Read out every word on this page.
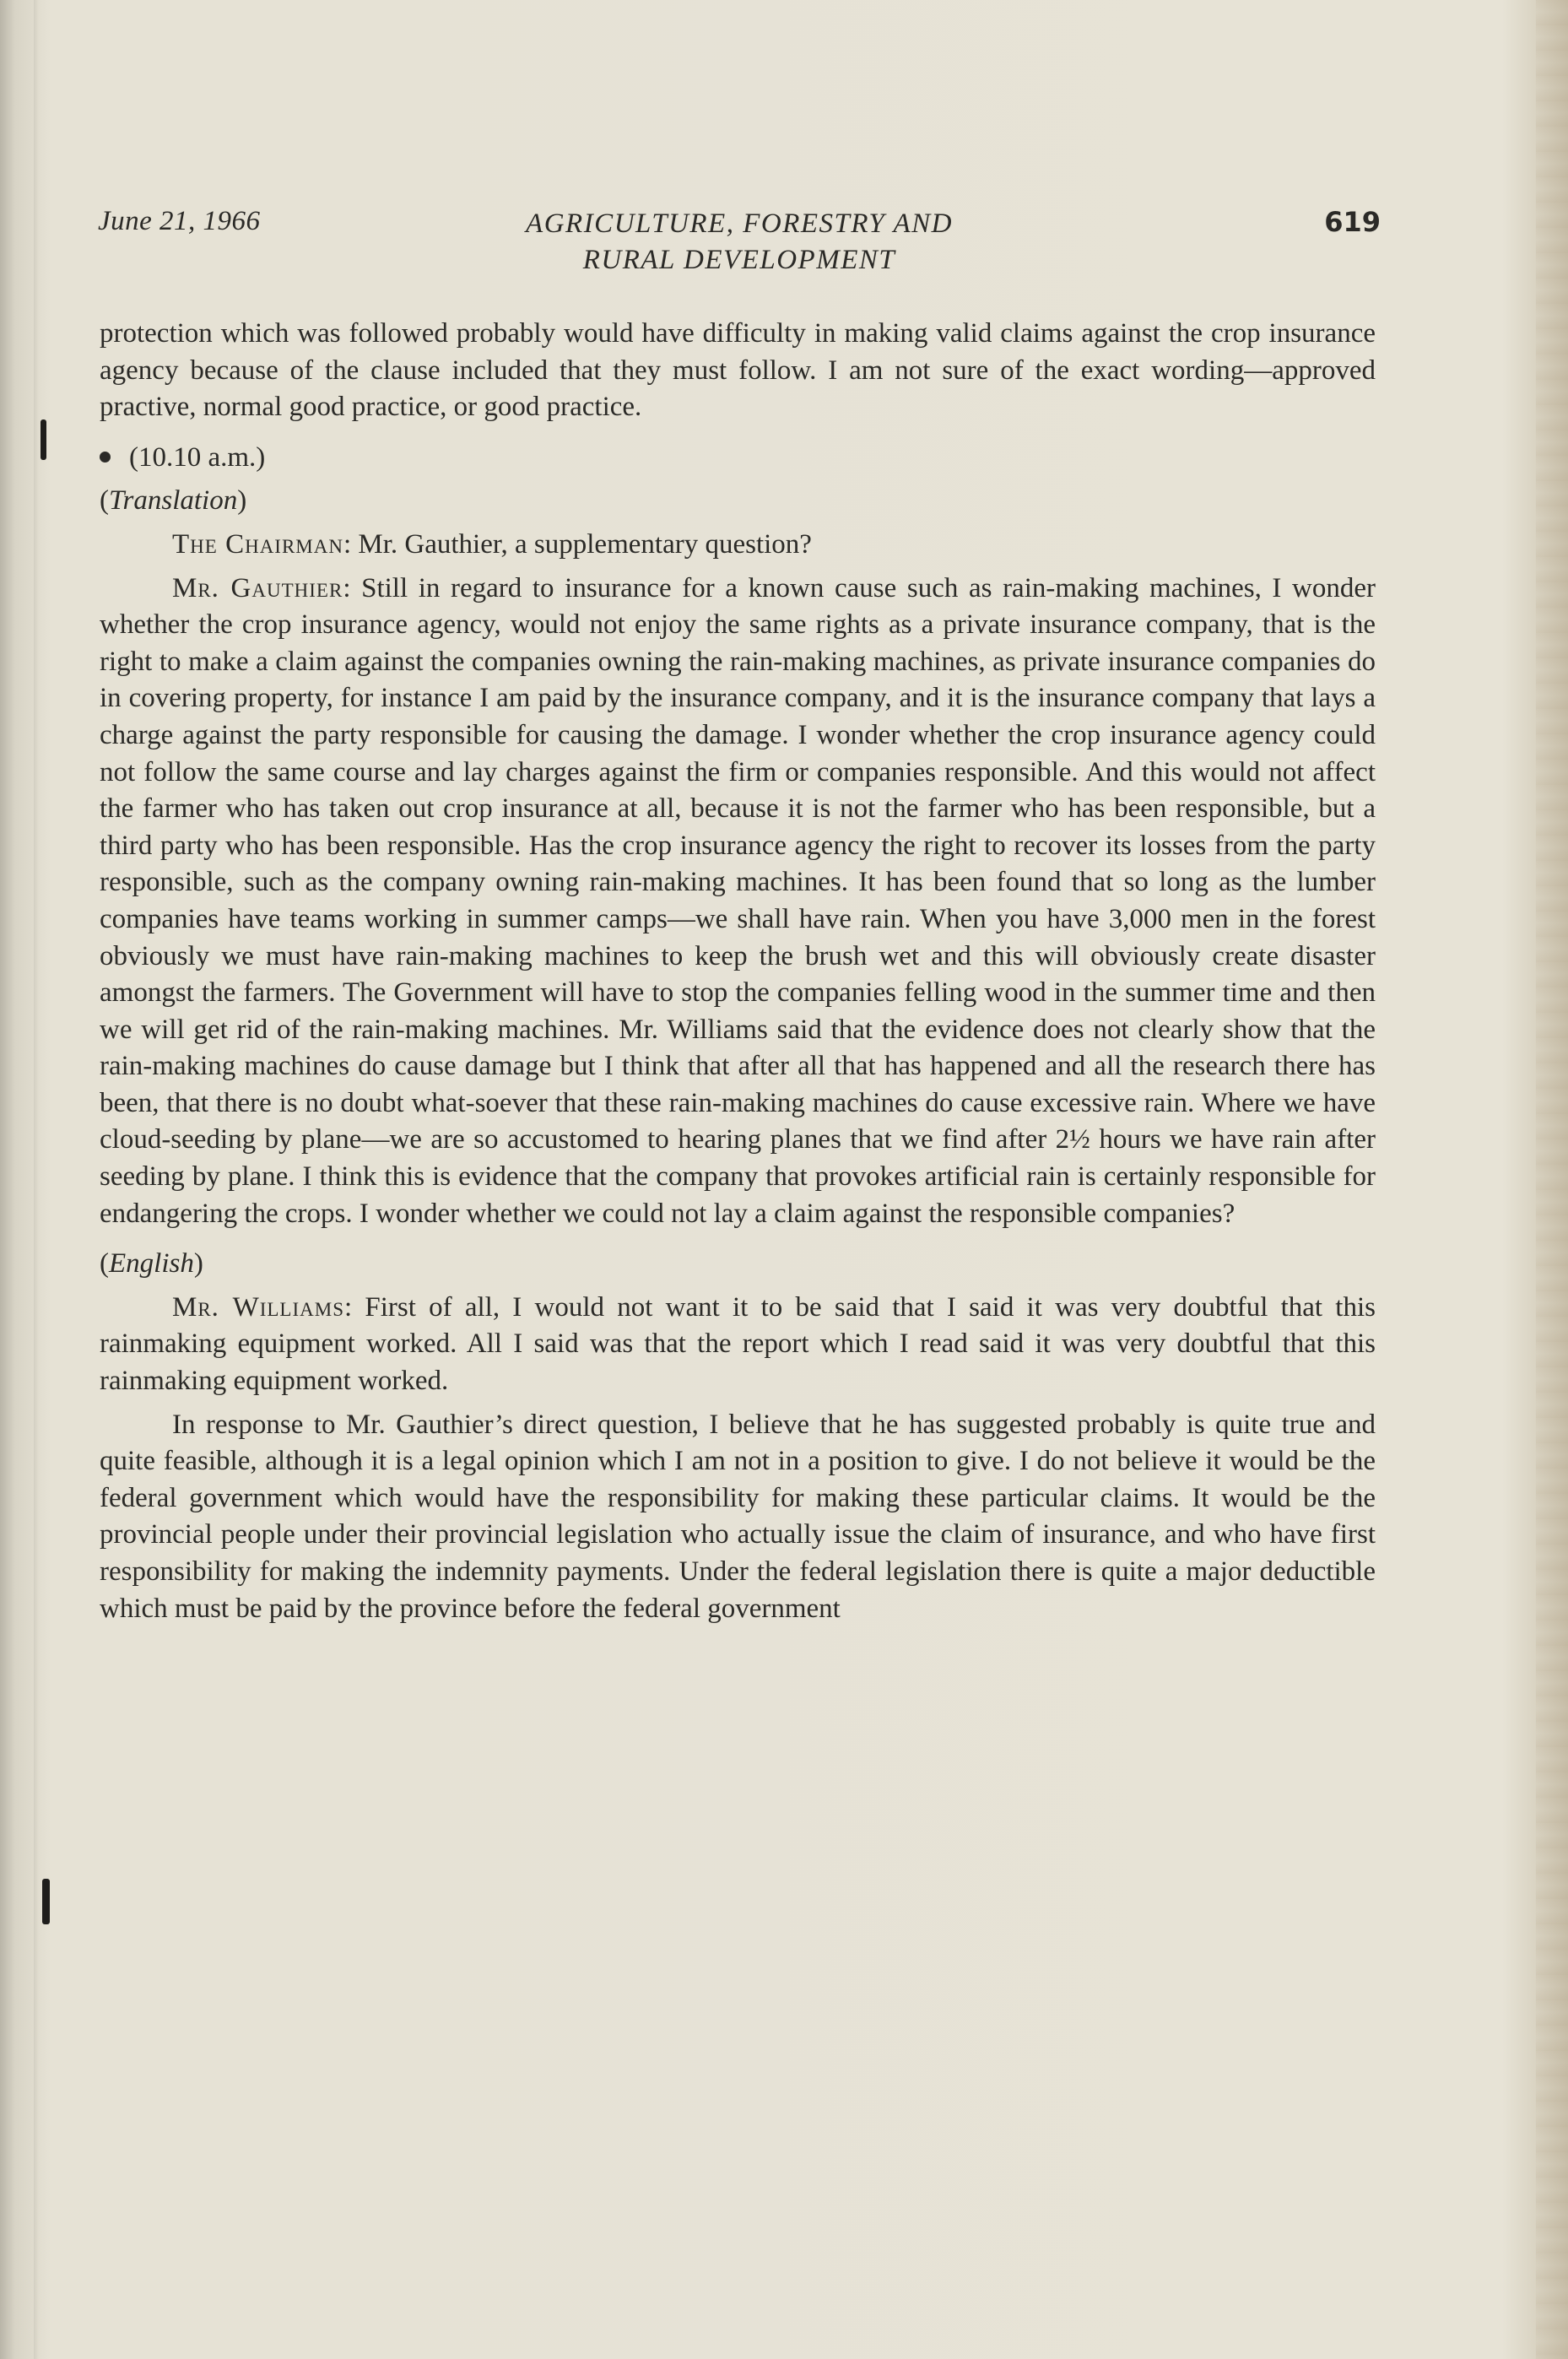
June 21, 1966	AGRICULTURE, FORESTRY AND
RURAL DEVELOPMENT
619

protection which was followed probably would have difficulty in making valid claims against the crop insurance agency because of the clause included that they must follow. I am not sure of the exact wording—approved practive, normal good practice, or good practice.

(10.10 a.m.)

(Translation)

The Chairman: Mr. Gauthier, a supplementary question?

Mr. Gauthier: Still in regard to insurance for a known cause such as rain-making machines, I wonder whether the crop insurance agency, would not enjoy the same rights as a private insurance company, that is the right to make a claim against the companies owning the rain-making machines, as private insurance companies do in covering property, for instance I am paid by the insurance company, and it is the insurance company that lays a charge against the party responsible for causing the damage. I wonder whether the crop insurance agency could not follow the same course and lay charges against the firm or companies responsible. And this would not affect the farmer who has taken out crop insurance at all, because it is not the farmer who has been responsible, but a third party who has been responsible. Has the crop insurance agency the right to recover its losses from the party responsible, such as the company owning rain-making machines. It has been found that so long as the lumber companies have teams working in summer camps—we shall have rain. When you have 3,000 men in the forest obviously we must have rain-making machines to keep the brush wet and this will obviously create disaster amongst the farmers. The Government will have to stop the companies felling wood in the summer time and then we will get rid of the rain-making machines. Mr. Williams said that the evidence does not clearly show that the rain-making machines do cause damage but I think that after all that has happened and all the research there has been, that there is no doubt what-soever that these rain-making machines do cause excessive rain. Where we have cloud-seeding by plane—we are so accustomed to hearing planes that we find after 2½ hours we have rain after seeding by plane. I think this is evidence that the company that provokes artificial rain is certainly responsible for endangering the crops. I wonder whether we could not lay a claim against the responsible companies?

(English)

Mr. Williams: First of all, I would not want it to be said that I said it was very doubtful that this rainmaking equipment worked. All I said was that the report which I read said it was very doubtful that this rainmaking equipment worked.

In response to Mr. Gauthier’s direct question, I believe that he has suggested probably is quite true and quite feasible, although it is a legal opinion which I am not in a position to give. I do not believe it would be the federal government which would have the responsibility for making these particular claims. It would be the provincial people under their provincial legislation who actually issue the claim of insurance, and who have first responsibility for making the indemnity payments. Under the federal legislation there is quite a major deductible which must be paid by the province before the federal government
